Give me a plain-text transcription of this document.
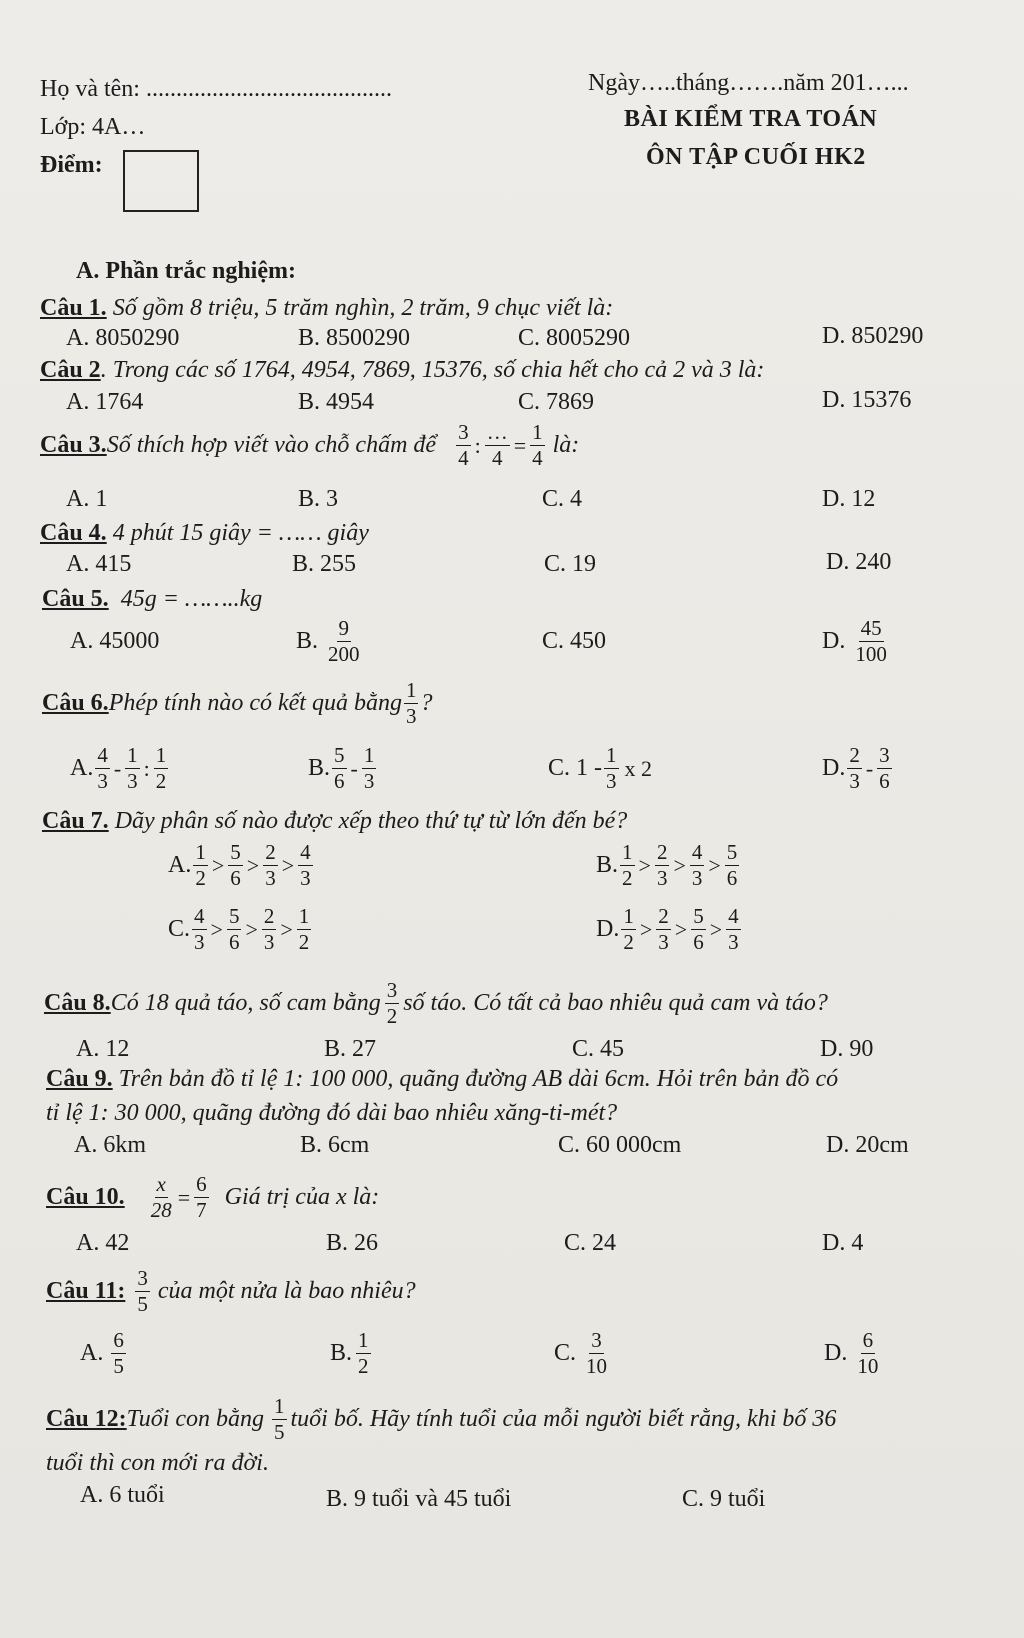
Họ và tên: .........................................
Lớp: 4A…
Điểm:
Ngày…..tháng…….năm 201…...
BÀI KIỂM TRA TOÁN
ÔN TẬP CUỐI HK2
A. Phần trắc nghiệm:
Câu 1. Số gồm 8 triệu, 5 trăm nghìn, 2 trăm, 9 chục viết là:
A. 8050290	B. 8500290	C. 8005290	D. 850290
Câu 2. Trong các số 1764, 4954, 7869, 15376, số chia hết cho cả 2 và 3 là:
A. 1764	B. 4954	C. 7869	D. 15376
Câu 3. Số thích hợp viết vào chỗ chấm để $\frac{3}{4}$ : $\frac{\dots}{4} = \frac{1}{4}$ là:
A. 1	B. 3	C. 4	D. 12
Câu 4. 4 phút 15 giây = …… giây
A. 415	B. 255	C. 19	D. 240
Câu 5. 45g = ……..kg
A. 45000	B. $\frac{9}{200}$	C. 450	D. $\frac{45}{100}$
Câu 6. Phép tính nào có kết quả bằng $\frac{1}{3}$ ?
A. $\frac{4}{3} - \frac{1}{3}$ : $\frac{1}{2}$	B. $\frac{5}{6} - \frac{1}{3}$	C. $1 - \frac{1}{3}$ x 2	D. $\frac{2}{3} - \frac{3}{6}$
Câu 7. Dãy phân số nào được xếp theo thứ tự từ lớn đến bé?
A. $\frac{1}{2} > \frac{5}{6} > \frac{2}{3} > \frac{4}{3}$	B. $\frac{1}{2} > \frac{2}{3} > \frac{4}{3} > \frac{5}{6}$
C. $\frac{4}{3} > \frac{5}{6} > \frac{2}{3} > \frac{1}{2}$	D. $\frac{1}{2} > \frac{2}{3} > \frac{5}{6} > \frac{4}{3}$
Câu 8. Có 18 quả táo, số cam bằng $\frac{3}{2}$ số táo. Có tất cả bao nhiêu quả cam và táo?
A. 12	B. 27	C. 45	D. 90
Câu 9. Trên bản đồ tỉ lệ 1: 100 000, quãng đường AB dài 6cm. Hỏi trên bản đồ có
tỉ lệ 1: 30 000, quãng đường đó dài bao nhiêu xăng-ti-mét?
A. 6km	B. 6cm	C. 60 000cm	D. 20cm
Câu 10. $\frac{x}{28} = \frac{6}{7}$ Giá trị của x là:
A. 42	B. 26	C. 24	D. 4
Câu 11: $\frac{3}{5}$ của một nửa là bao nhiêu?
A. $\frac{6}{5}$	B. $\frac{1}{2}$	C. $\frac{3}{10}$	D. $\frac{6}{10}$
Câu 12: Tuổi con bằng $\frac{1}{5}$ tuổi bố. Hãy tính tuổi của mỗi người biết rằng, khi bố 36
tuổi thì con mới ra đời.
A. 6 tuổi	B. 9 tuổi và 45 tuổi	C. 9 tuổi
